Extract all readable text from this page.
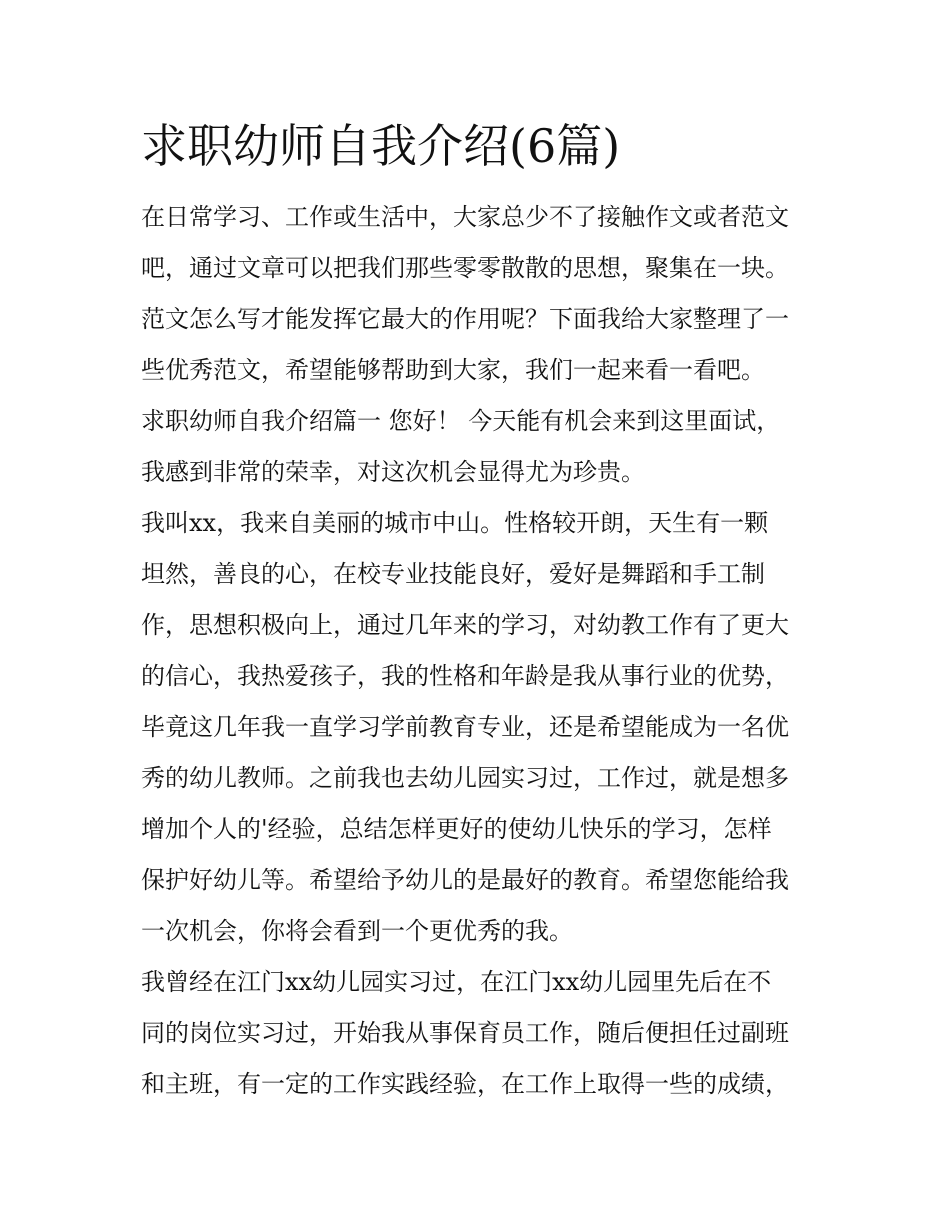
求职幼师自我介绍(6篇)
在日常学习、工作或生活中，大家总少不了接触作文或者范文
吧，通过文章可以把我们那些零零散散的思想，聚集在一块。
范文怎么写才能发挥它最大的作用呢？下面我给大家整理了一
些优秀范文，希望能够帮助到大家，我们一起来看一看吧。
求职幼师自我介绍篇一 您好！ 今天能有机会来到这里面试，
我感到非常的荣幸，对这次机会显得尤为珍贵。
我叫xx，我来自美丽的城市中山。性格较开朗，天生有一颗
坦然，善良的心，在校专业技能良好，爱好是舞蹈和手工制
作，思想积极向上，通过几年来的学习，对幼教工作有了更大
的信心，我热爱孩子，我的性格和年龄是我从事行业的优势，
毕竟这几年我一直学习学前教育专业，还是希望能成为一名优
秀的幼儿教师。之前我也去幼儿园实习过，工作过，就是想多
增加个人的'经验，总结怎样更好的使幼儿快乐的学习，怎样
保护好幼儿等。希望给予幼儿的是最好的教育。希望您能给我
一次机会，你将会看到一个更优秀的我。
我曾经在江门xx幼儿园实习过，在江门xx幼儿园里先后在不
同的岗位实习过，开始我从事保育员工作，随后便担任过副班
和主班，有一定的工作实践经验，在工作上取得一些的成绩，
